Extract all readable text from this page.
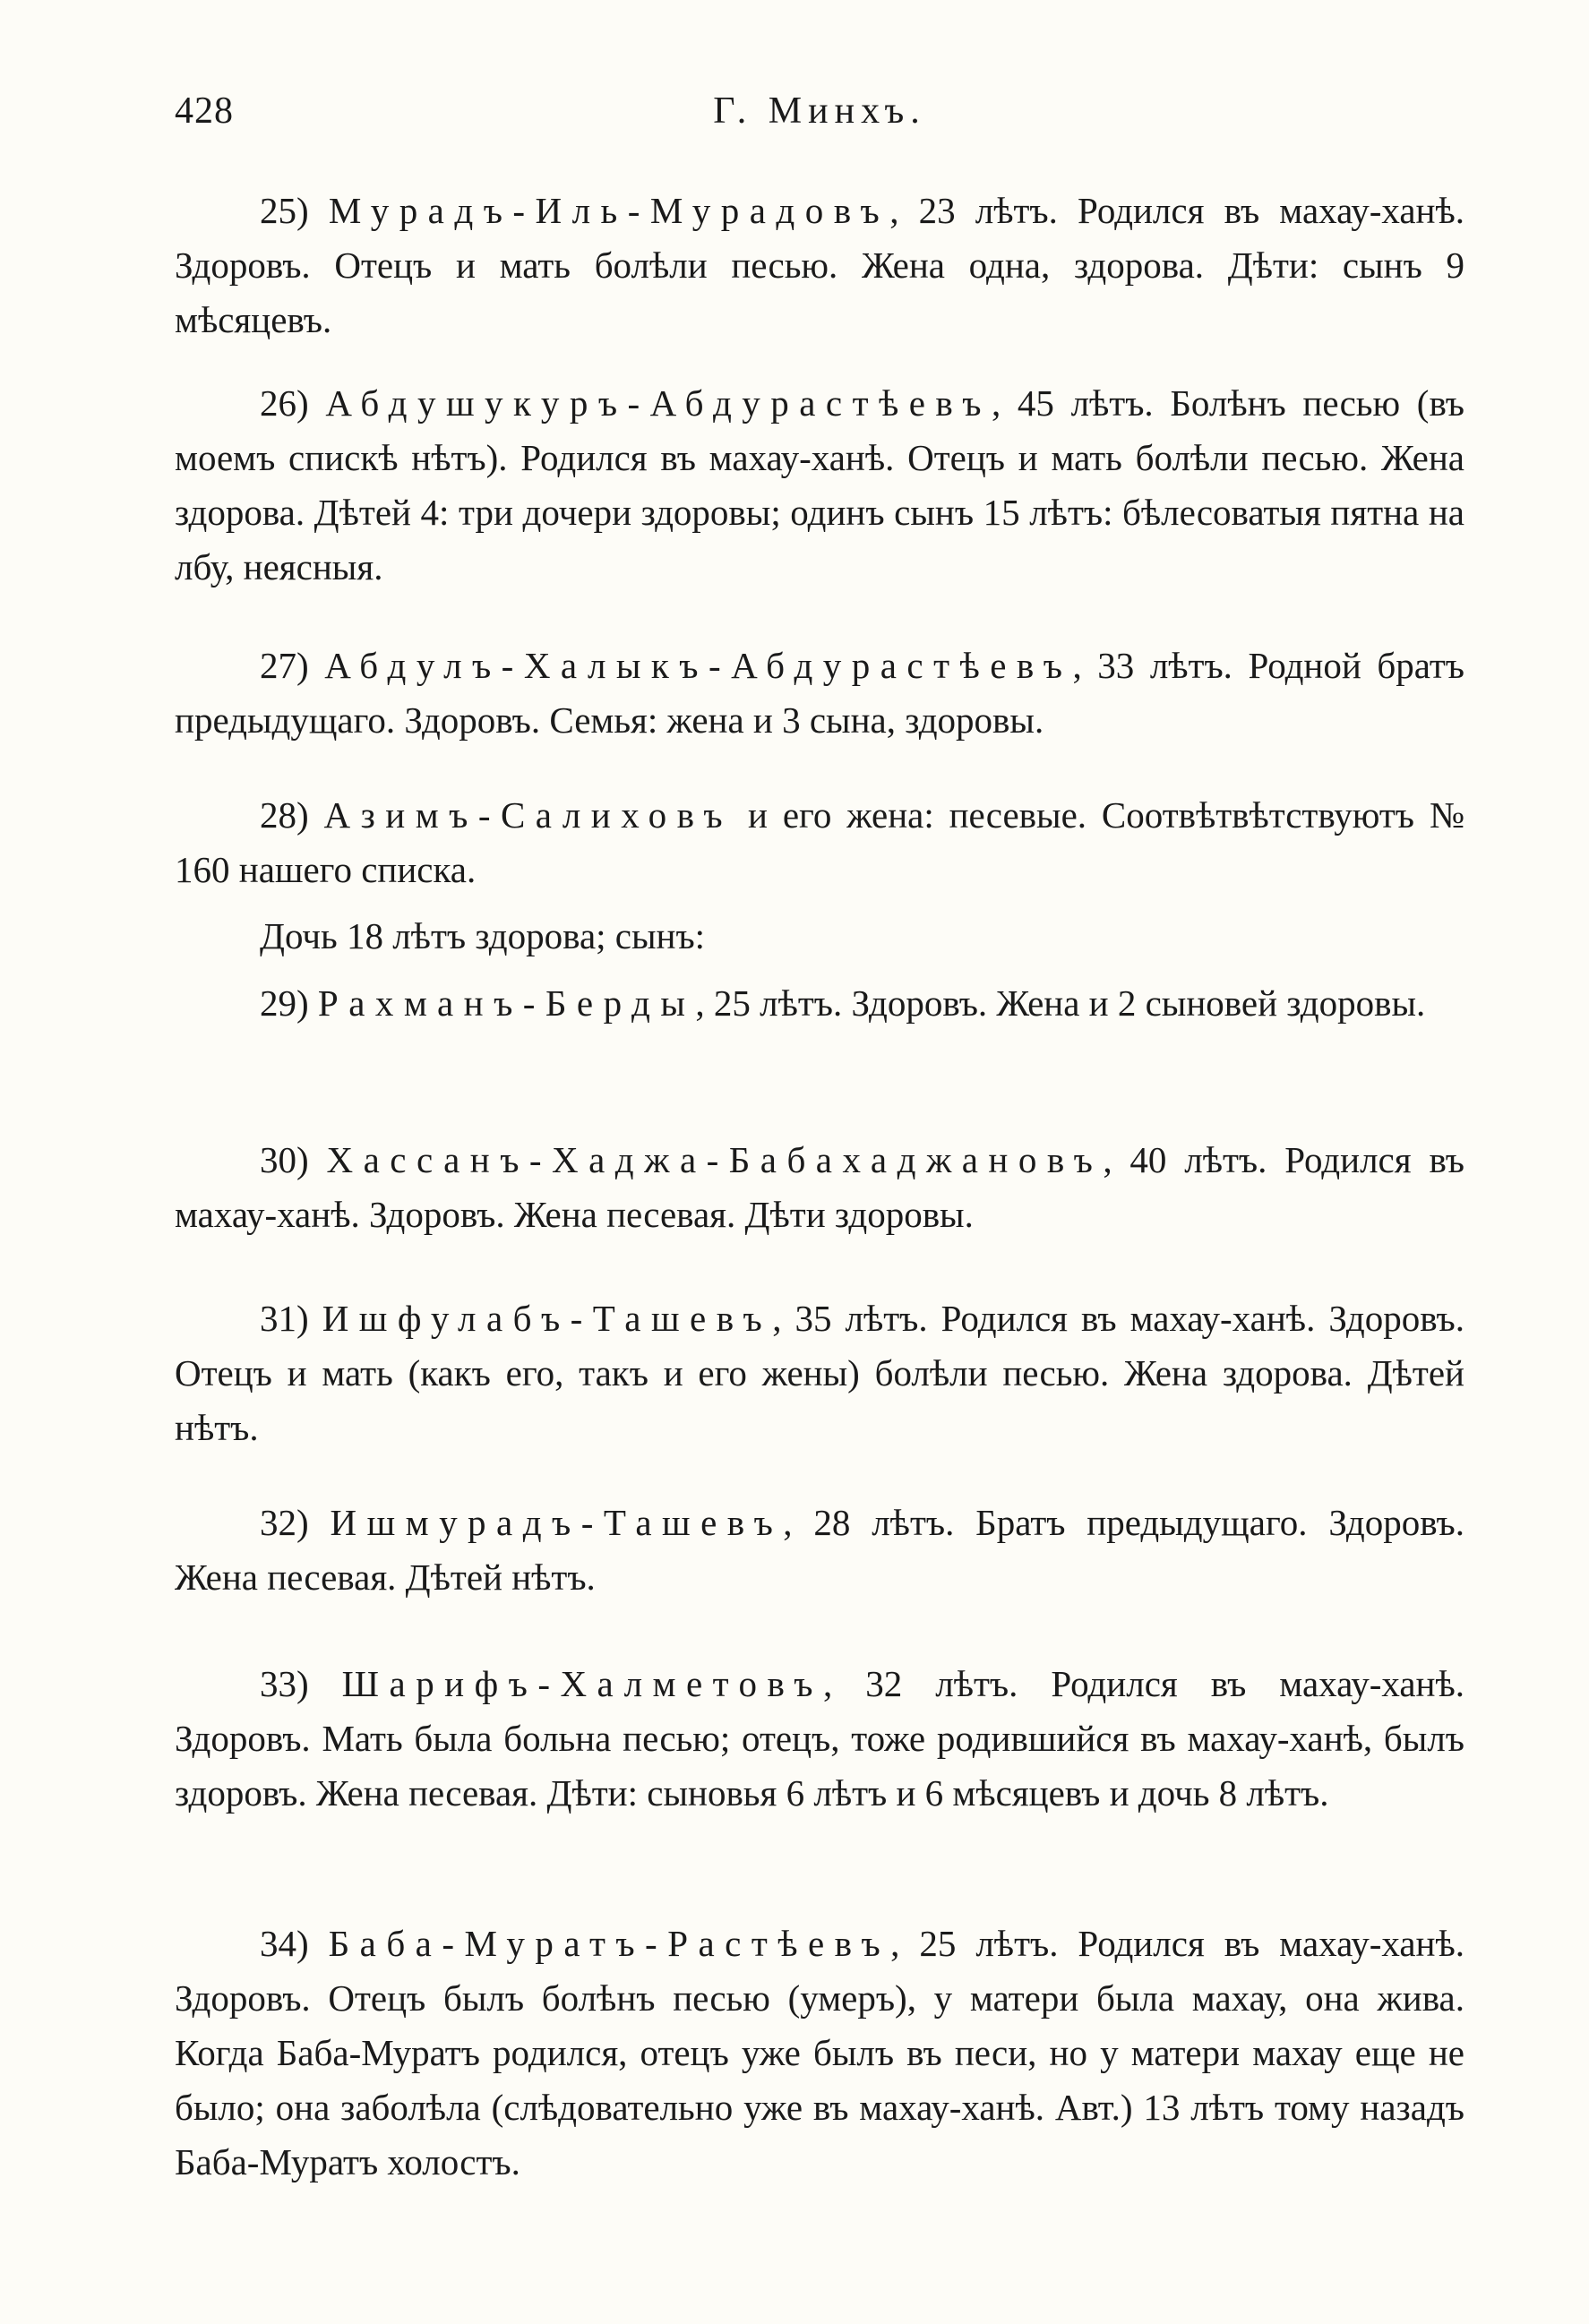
428	Г. Минхъ.

25) Мурадъ-Иль-Мурадовъ, 23 лѣтъ. Родился въ махау-ханѣ. Здоровъ. Отецъ и мать болѣли песью. Жена одна, здорова. Дѣти: сынъ 9 мѣсяцевъ.

26) Абдушукуръ-Абдурастѣевъ, 45 лѣтъ. Болѣнъ песью (въ моемъ спискѣ нѣтъ). Родился въ махау-ханѣ. Отецъ и мать болѣли песью. Жена здорова. Дѣтей 4: три дочери здоровы; одинъ сынъ 15 лѣтъ: бѣлесоватыя пятна на лбу, неясныя.

27) Абдулъ-Халыкъ-Абдурастѣевъ, 33 лѣтъ. Родной братъ предыдущаго. Здоровъ. Семья: жена и 3 сына, здоровы.

28) Азимъ-Салиховъ и его жена: песевые. Соотвѣтвѣтствуютъ № 160 нашего списка.

Дочь 18 лѣтъ здорова; сынъ:

29) Рахманъ-Берды, 25 лѣтъ. Здоровъ. Жена и 2 сыновей здоровы.

30) Хассанъ-Хаджа-Бабахаджановъ, 40 лѣтъ. Родился въ махау-ханѣ. Здоровъ. Жена песевая. Дѣти здоровы.

31) Ишфулабъ-Ташевъ, 35 лѣтъ. Родился въ махау-ханѣ. Здоровъ. Отецъ и мать (какъ его, такъ и его жены) болѣли песью. Жена здорова. Дѣтей нѣтъ.

32) Ишмурадъ-Ташевъ, 28 лѣтъ. Братъ предыдущаго. Здоровъ. Жена песевая. Дѣтей нѣтъ.

33) Шарифъ-Халметовъ, 32 лѣтъ. Родился въ махау-ханѣ. Здоровъ. Мать была больна песью; отецъ, тоже родившийся въ махау-ханѣ, былъ здоровъ. Жена песевая. Дѣти: сыновья 6 лѣтъ и 6 мѣсяцевъ и дочь 8 лѣтъ.

34) Баба-Муратъ-Растѣевъ, 25 лѣтъ. Родился въ махау-ханѣ. Здоровъ. Отецъ былъ болѣнъ песью (умеръ), у матери была махау, она жива. Когда Баба-Муратъ родился, отецъ уже былъ въ песи, но у матери махау еще не было; она заболѣла (слѣдовательно уже въ махау-ханѣ. Авт.) 13 лѣтъ тому назадъ Баба-Муратъ холостъ.
